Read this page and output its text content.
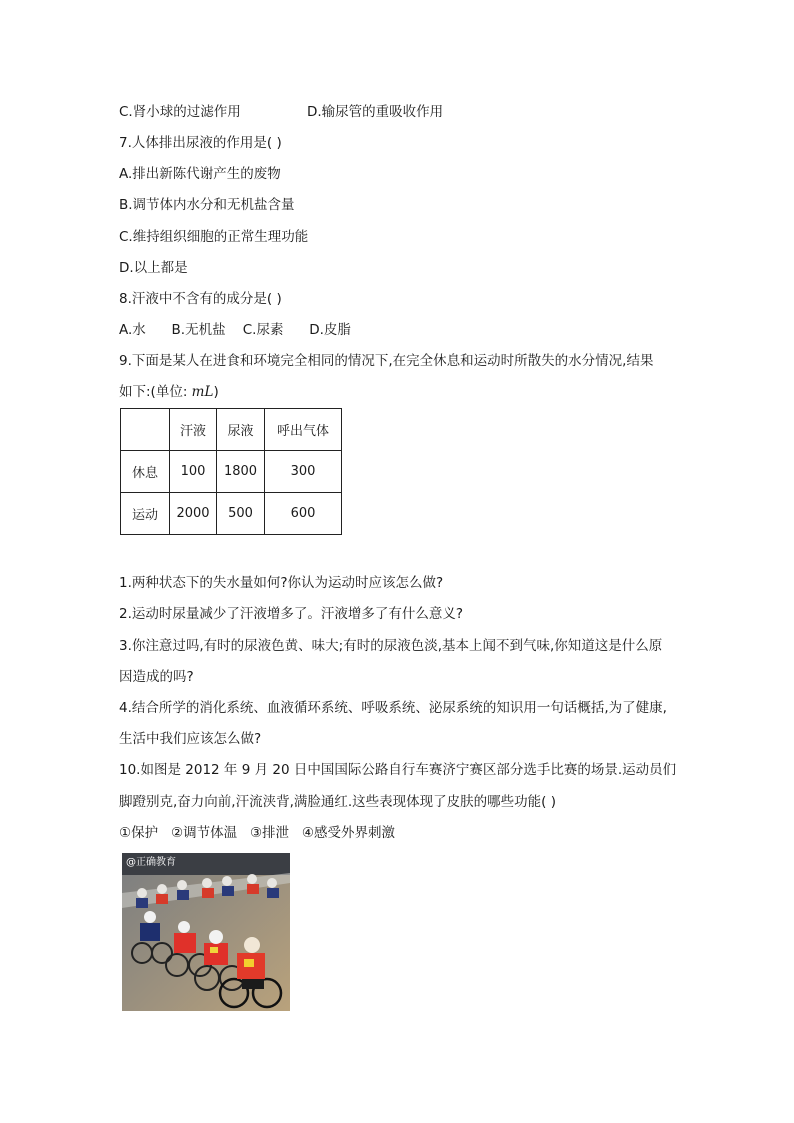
C.肾小球的过滤作用	D.输尿管的重吸收作用
7.人体排出尿液的作用是( )
A.排出新陈代谢产生的废物
B.调节体内水分和无机盐含量
C.维持组织细胞的正常生理功能
D.以上都是
8.汗液中不含有的成分是( )
A.水      B.无机盐    C.尿素      D.皮脂
9.下面是某人在进食和环境完全相同的情况下,在完全休息和运动时所散失的水分情况,结果
如下:(单位: mL)
	汗液	尿液	呼出气体
休息	100	1800	300
运动	2000	500	600
1.两种状态下的失水量如何?你认为运动时应该怎么做?
2.运动时尿量减少了汗液增多了。汗液增多了有什么意义?
3.你注意过吗,有时的尿液色黄、味大;有时的尿液色淡,基本上闻不到气味,你知道这是什么原
因造成的吗?
4.结合所学的消化系统、血液循环系统、呼吸系统、泌尿系统的知识用一句话概括,为了健康,
生活中我们应该怎么做?
10.如图是 2012 年 9 月 20 日中国国际公路自行车赛济宁赛区部分选手比赛的场景.运动员们
脚蹬别克,奋力向前,汗流浃背,满脸通红.这些表现体现了皮肤的哪些功能( )
①保护   ②调节体温   ③排泄   ④感受外界刺激
@正确教育
